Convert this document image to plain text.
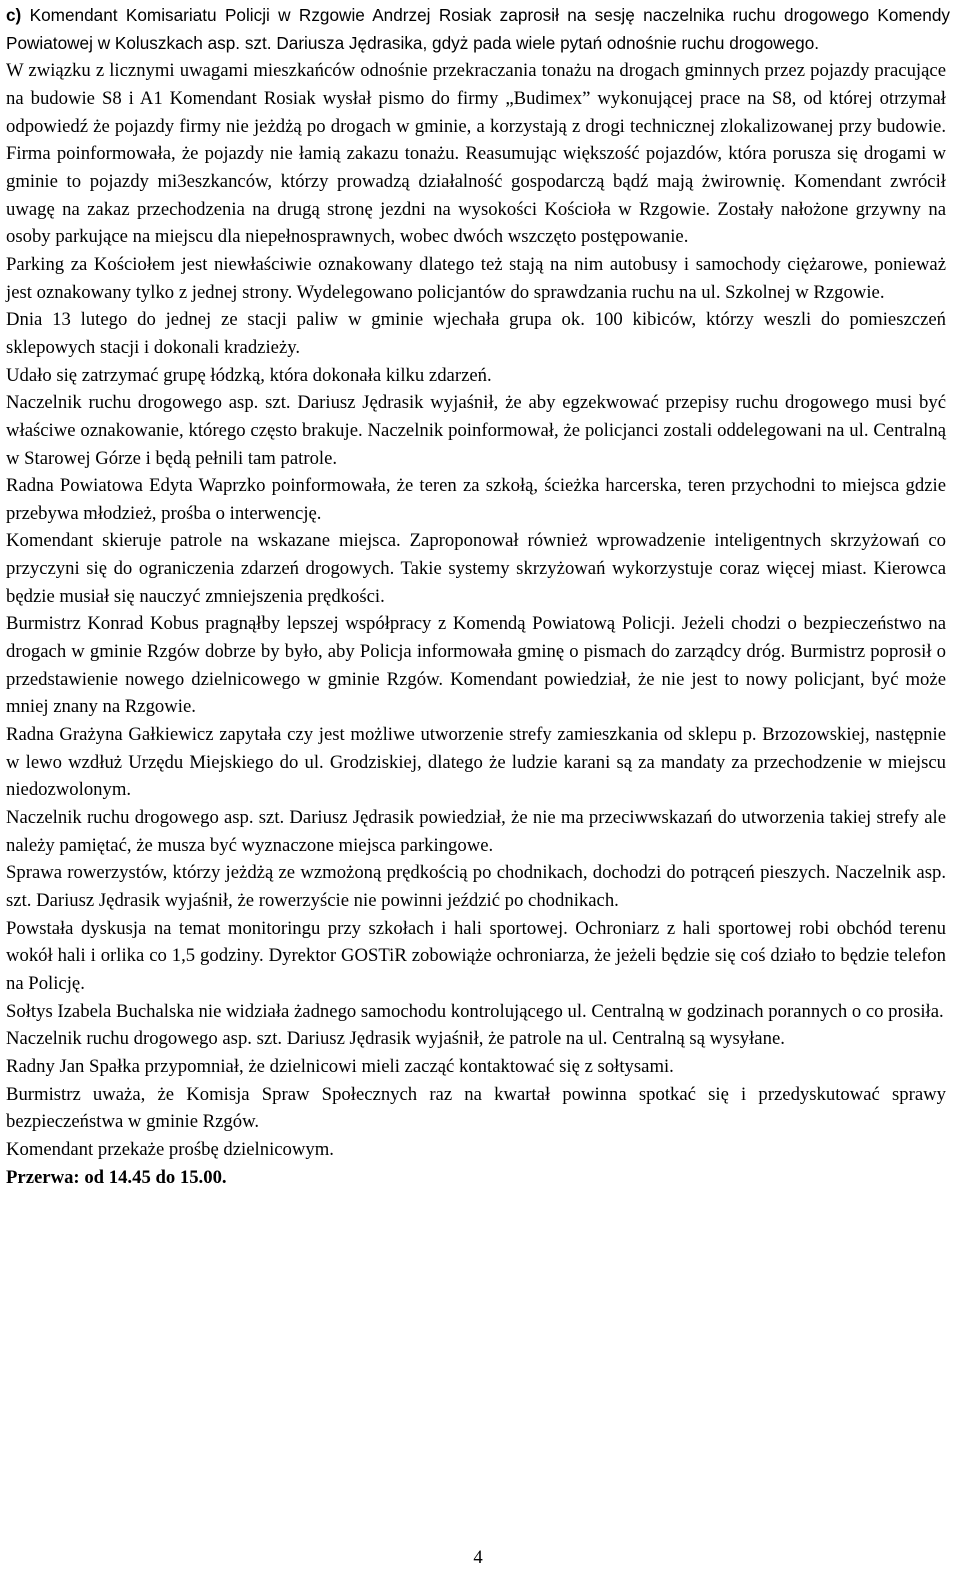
c) Komendant Komisariatu Policji w Rzgowie Andrzej Rosiak zaprosił na sesję naczelnika ruchu drogowego Komendy Powiatowej w Koluszkach asp. szt. Dariusza Jędrasika, gdyż pada wiele pytań odnośnie ruchu drogowego.

W związku z licznymi uwagami mieszkańców odnośnie przekraczania tonażu na drogach gminnych przez pojazdy pracujące na budowie S8 i A1 Komendant Rosiak wysłał pismo do firmy „Budimex” wykonującej prace na S8, od której otrzymał odpowiedź że pojazdy firmy nie jeżdżą po drogach w gminie, a korzystają z drogi technicznej zlokalizowanej przy budowie. Firma poinformowała, że pojazdy nie łamią zakazu tonażu. Reasumując większość pojazdów, która porusza się drogami w gminie to pojazdy mi3eszkanców, którzy prowadzą działalność gospodarczą bądź mają żwirownię. Komendant zwrócił uwagę na zakaz przechodzenia na drugą stronę jezdni na wysokości Kościoła w Rzgowie. Zostały nałożone grzywny na osoby parkujące na miejscu dla niepełnosprawnych, wobec dwóch wszczęto postępowanie.

Parking za Kościołem jest niewłaściwie oznakowany dlatego też stają na nim autobusy i samochody ciężarowe, ponieważ jest oznakowany tylko z jednej strony. Wydelegowano policjantów do sprawdzania ruchu na ul. Szkolnej w Rzgowie.

Dnia 13 lutego do jednej ze stacji paliw w gminie wjechała grupa ok. 100 kibiców, którzy weszli do pomieszczeń sklepowych stacji i dokonali kradzieży.

Udało się zatrzymać grupę łódzką, która dokonała kilku zdarzeń.

Naczelnik ruchu drogowego asp. szt. Dariusz Jędrasik wyjaśnił, że aby egzekwować przepisy ruchu drogowego musi być właściwe oznakowanie, którego często brakuje. Naczelnik poinformował, że policjanci zostali oddelegowani na ul. Centralną w Starowej Górze i będą pełnili tam patrole.

Radna Powiatowa Edyta Waprzko poinformowała, że teren za szkołą, ścieżka harcerska, teren przychodni to miejsca gdzie przebywa młodzież, prośba o interwencję.

Komendant skieruje patrole na wskazane miejsca. Zaproponował również wprowadzenie inteligentnych skrzyżowań co przyczyni się do ograniczenia zdarzeń drogowych. Takie systemy skrzyżowań wykorzystuje coraz więcej miast. Kierowca będzie musiał się nauczyć zmniejszenia prędkości.

Burmistrz Konrad Kobus pragnąłby lepszej współpracy z Komendą Powiatową Policji. Jeżeli chodzi o bezpieczeństwo na drogach w gminie Rzgów dobrze by było, aby Policja informowała gminę o pismach do zarządcy dróg. Burmistrz poprosił o przedstawienie nowego dzielnicowego w gminie Rzgów. Komendant powiedział, że nie jest to nowy policjant, być może mniej znany na Rzgowie.

Radna Grażyna Gałkiewicz zapytała czy jest możliwe utworzenie strefy zamieszkania od sklepu p. Brzozowskiej, następnie w lewo wzdłuż Urzędu Miejskiego do ul. Grodziskiej, dlatego że ludzie karani są za mandaty za przechodzenie w miejscu niedozwolonym.

Naczelnik ruchu drogowego asp. szt. Dariusz Jędrasik powiedział, że nie ma przeciwwskazań do utworzenia takiej strefy ale należy pamiętać, że musza być wyznaczone miejsca parkingowe.

Sprawa rowerzystów, którzy jeżdżą ze wzmożoną prędkością po chodnikach, dochodzi do potrąceń pieszych. Naczelnik asp. szt. Dariusz Jędrasik wyjaśnił, że rowerzyście nie powinni jeździć po chodnikach.

Powstała dyskusja na temat monitoringu przy szkołach i hali sportowej. Ochroniarz z hali sportowej robi obchód terenu wokół hali i orlika co 1,5 godziny. Dyrektor GOSTiR zobowiąże ochroniarza, że jeżeli będzie się coś działo to będzie telefon na Policję.

Sołtys Izabela Buchalska nie widziała żadnego samochodu kontrolującego ul. Centralną w godzinach porannych o co prosiła.

Naczelnik ruchu drogowego asp. szt. Dariusz Jędrasik wyjaśnił, że patrole na ul. Centralną są wysyłane.

Radny Jan Spałka przypomniał, że dzielnicowi mieli zacząć kontaktować się z sołtysami.

Burmistrz uważa, że Komisja Spraw Społecznych raz na kwartał powinna spotkać się i przedyskutować sprawy bezpieczeństwa w gminie Rzgów.

Komendant przekaże prośbę dzielnicowym.

Przerwa: od 14.45 do 15.00.

4
